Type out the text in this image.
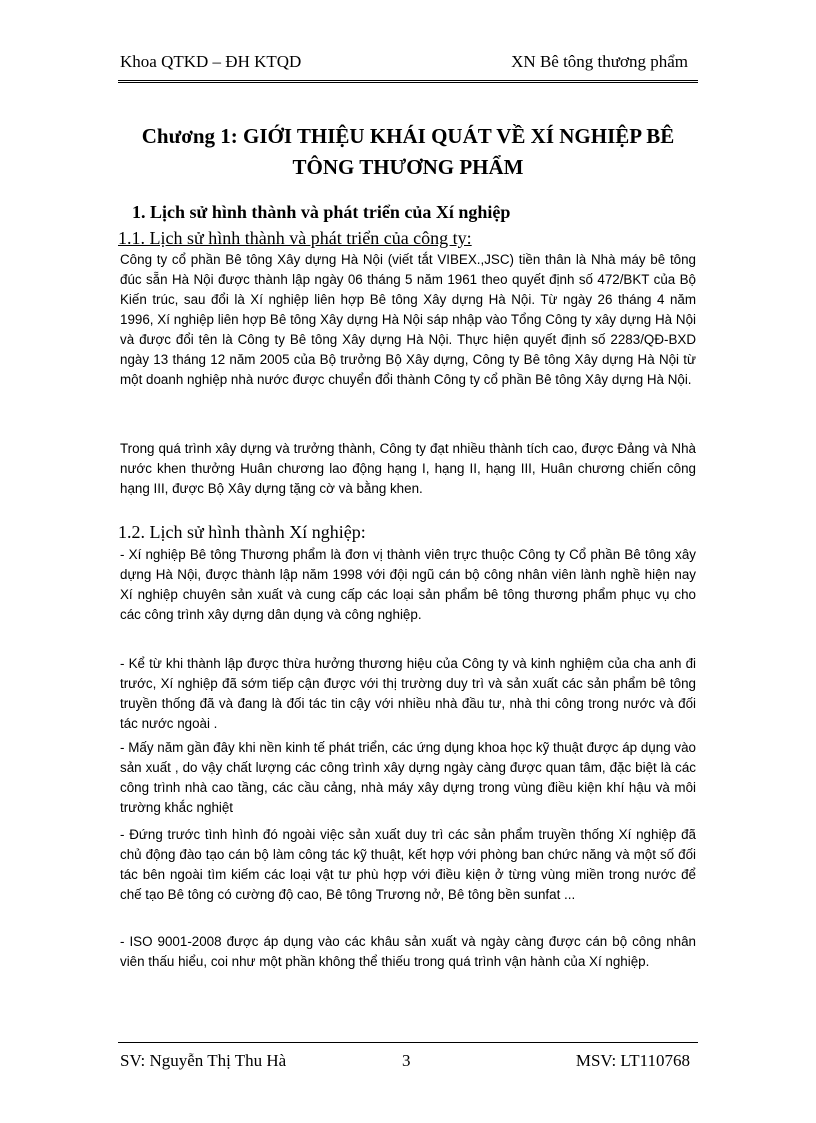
Khoa QTKD – ĐH KTQD	XN Bê tông thương phẩm
Chương 1: GIỚI THIỆU KHÁI QUÁT VỀ XÍ NGHIỆP BÊ
TÔNG THƯƠNG PHẨM
1. Lịch sử hình thành và phát triển của Xí nghiệp
1.1. Lịch sử hình thành và phát triển của công ty:
Công ty cổ phần Bê tông Xây dựng Hà Nội (viết tắt VIBEX.,JSC) tiền thân là Nhà máy bê tông đúc sẵn Hà Nội được thành lập ngày 06 tháng 5 năm 1961 theo quyết định số 472/BKT của Bộ Kiến trúc, sau đổi là Xí nghiệp liên hợp Bê tông Xây dựng Hà Nội. Từ ngày 26 tháng 4 năm 1996, Xí nghiệp liên hợp Bê tông Xây dựng Hà Nội sáp nhập vào Tổng Công ty xây dựng Hà Nội và được đổi tên là Công ty Bê tông Xây dựng Hà Nội. Thực hiện quyết định số 2283/QĐ-BXD ngày 13 tháng 12 năm 2005 của Bộ trưởng Bộ Xây dựng, Công ty Bê tông Xây dựng Hà Nội từ một doanh nghiệp nhà nước được chuyển đổi thành Công ty cổ phần Bê tông Xây dựng Hà Nội.
Trong quá trình xây dựng và trưởng thành, Công ty đạt nhiều thành tích cao, được Đảng và Nhà nước khen thưởng Huân chương lao động hạng I, hạng II, hạng III, Huân chương chiến công hạng III, được Bộ Xây dựng tặng cờ và bằng khen.
1.2. Lịch sử hình thành Xí nghiệp:
- Xí nghiệp Bê tông Thương phẩm là đơn vị thành viên trực thuộc Công ty Cổ phần Bê tông xây dựng Hà Nội, được thành lập năm 1998 với đội ngũ cán bộ công nhân viên lành nghề hiện nay Xí nghiệp chuyên sản xuất và cung cấp các loại sản phẩm bê tông thương phẩm phục vụ cho các công trình xây dựng dân dụng và công nghiệp.
- Kể từ khi thành lập được thừa hưởng thương hiệu của Công ty và kinh nghiệm của cha anh đi trước, Xí nghiệp đã sớm tiếp cận được với thị trường duy trì và sản xuất các sản phẩm bê tông truyền thống đã và đang là đối tác tin cậy với nhiều nhà đầu tư, nhà thi công trong nước và đối tác nước ngoài .
- Mấy năm gần đây khi nền kinh tế phát triển, các ứng dụng khoa học kỹ thuật được áp dụng vào sản xuất , do vậy chất lượng các công trình xây dựng ngày càng được quan tâm, đặc biệt là các công trình nhà cao tầng, các cầu cảng, nhà máy xây dựng trong vùng điều kiện khí hậu và môi trường khắc nghiệt
- Đứng trước tình hình đó ngoài việc sản xuất duy trì các sản phẩm truyền thống Xí nghiệp đã chủ động đào tạo cán bộ làm công tác kỹ thuật, kết hợp với phòng ban chức năng và một số đối tác bên ngoài tìm kiếm các loại vật tư phù hợp với điều kiện ở từng vùng miền trong nước để chế tạo Bê tông có cường độ cao, Bê tông Trương nở, Bê tông bền sunfat ...
- ISO 9001-2008 được áp dụng vào các khâu sản xuất và ngày càng được cán bộ công nhân viên thấu hiểu, coi như một phần không thể thiếu trong quá trình vận hành của Xí nghiệp.
SV: Nguyễn Thị Thu Hà	3	MSV: LT110768
